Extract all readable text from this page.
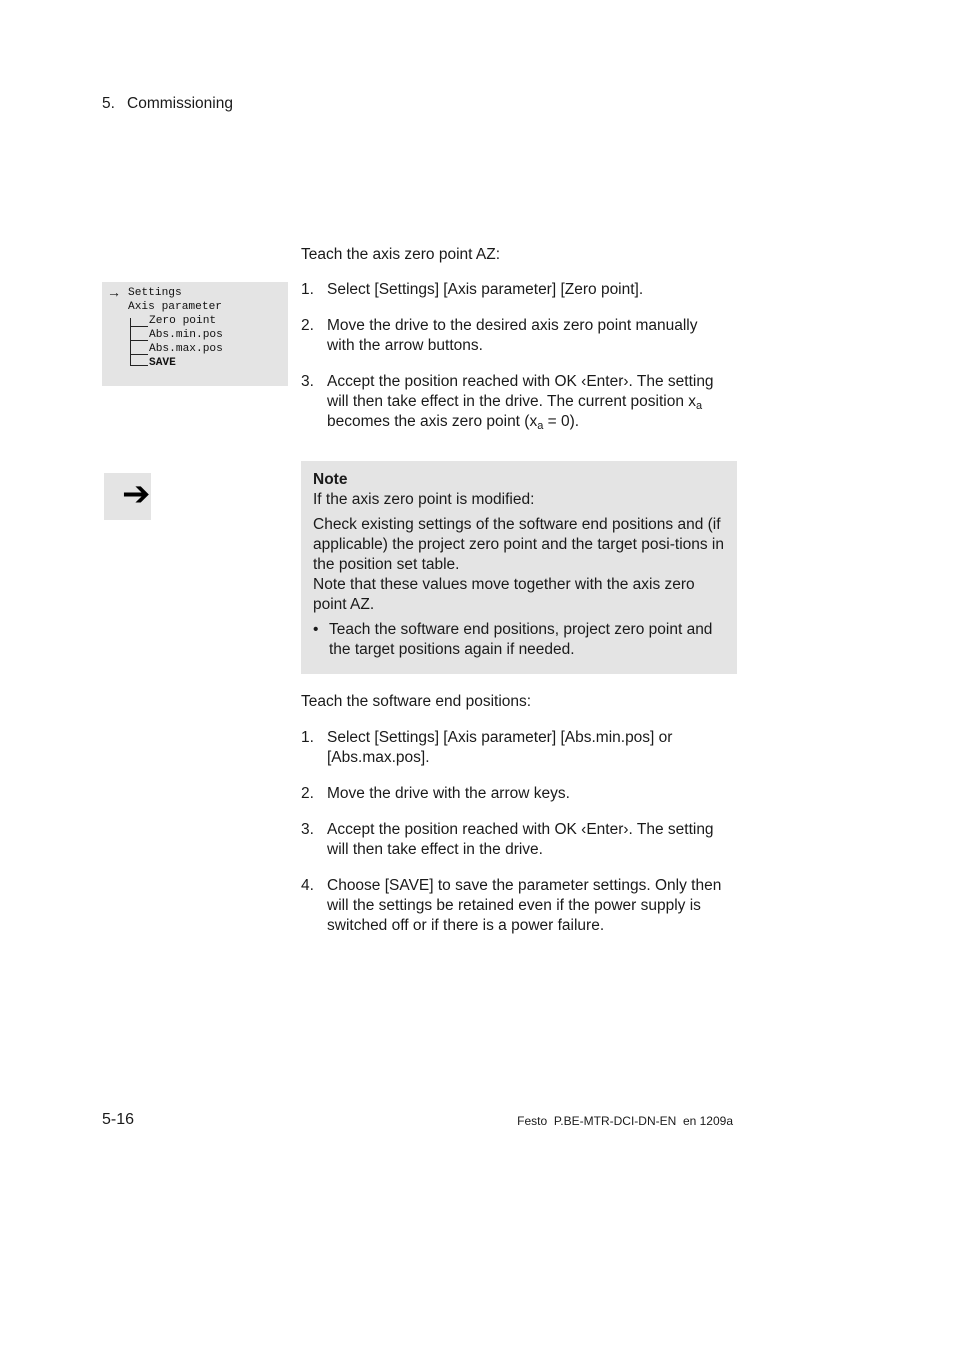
5. Commissioning
→ Settings
Axis parameter
Zero point
Abs.min.pos
Abs.max.pos
SAVE
Teach the axis zero point AZ:
1. Select [Settings] [Axis parameter] [Zero point].
2. Move the drive to the desired axis zero point manually with the arrow buttons.
3. Accept the position reached with OK ‹Enter›. The setting
will then take effect in the drive. The current position $x_a$
becomes the axis zero point $(x_a = 0)$.
➔	Note
If the axis zero point is modified:
Check existing settings of the software end positions and (if applicable) the project zero point and the target posi-tions in the position set table.
Note that these values move together with the axis zero point AZ.
• Teach the software end positions, project zero point and the target positions again if needed.
Teach the software end positions:
1. Select [Settings] [Axis parameter] [Abs.min.pos] or [Abs.max.pos].
2. Move the drive with the arrow keys.
3. Accept the position reached with OK ‹Enter›. The setting will then take effect in the drive.
4. Choose [SAVE] to save the parameter settings. Only then will the settings be retained even if the power supply is switched off or if there is a power failure.
5-16	Festo  P.BE-MTR-DCI-DN-EN  en 1209a
